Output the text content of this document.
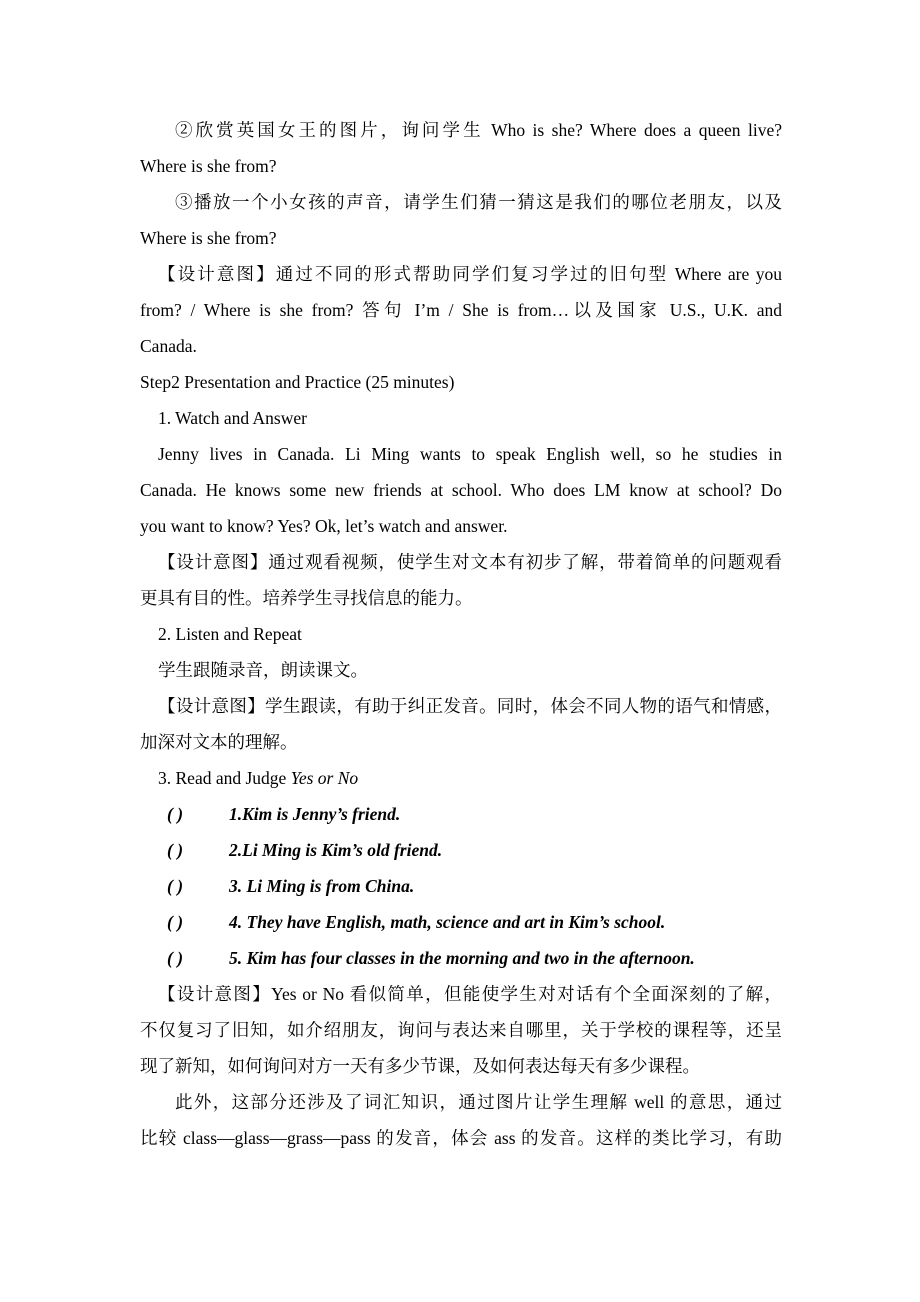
②欣赏英国女王的图片，询问学生 Who is she? Where does a queen live?
Where is she from?
③播放一个小女孩的声音，请学生们猜一猜这是我们的哪位老朋友，以及
Where is she from?
【设计意图】通过不同的形式帮助同学们复习学过的旧句型 Where are you
from? / Where is she from? 答句 I’m / She is from…以及国家 U.S., U.K. and
Canada.
Step2 Presentation and Practice (25 minutes)
1. Watch and Answer
Jenny lives in Canada. Li Ming wants to speak English well, so he studies in
Canada. He knows some new friends at school. Who does LM know at school? Do
you want to know? Yes? Ok, let’s watch and answer.
【设计意图】通过观看视频，使学生对文本有初步了解，带着简单的问题观看
更具有目的性。培养学生寻找信息的能力。
2. Listen and Repeat
学生跟随录音，朗读课文。
【设计意图】学生跟读，有助于纠正发音。同时，体会不同人物的语气和情感，
加深对文本的理解。
3. Read and Judge Yes or No
( )	1.Kim is Jenny’s friend.
( )	2.Li Ming is Kim’s old friend.
( )	3. Li Ming is from China.
( )	4. They have English, math, science and art in Kim’s school.
( )	5. Kim has four classes in the morning and two in the afternoon.
【设计意图】Yes or No 看似简单，但能使学生对对话有个全面深刻的了解，
不仅复习了旧知，如介绍朋友，询问与表达来自哪里，关于学校的课程等，还呈
现了新知，如何询问对方一天有多少节课，及如何表达每天有多少课程。
此外，这部分还涉及了词汇知识，通过图片让学生理解 well 的意思，通过
比较 class—glass—grass—pass 的发音，体会 ass 的发音。这样的类比学习，有助
